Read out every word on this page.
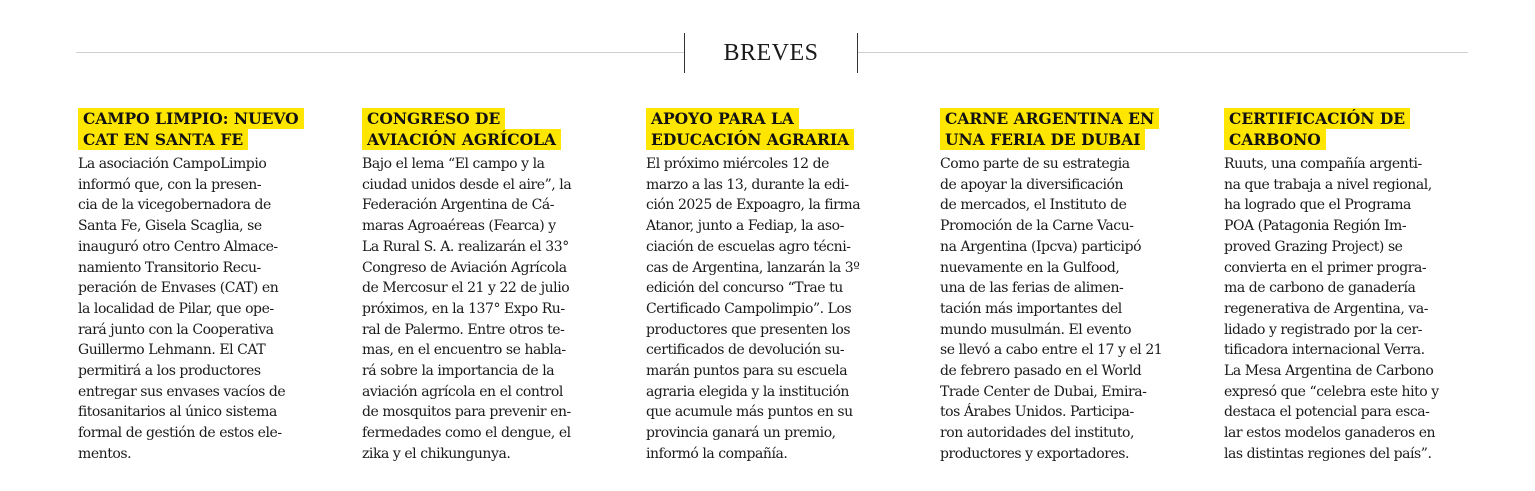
BREVES
CAMPO LIMPIO: NUEVO CAT EN SANTA FE
La asociación CampoLimpio
informó que, con la presen-
cia de la vicegobernadora de
Santa Fe, Gisela Scaglia, se
inauguró otro Centro Almace-
namiento Transitorio Recu-
peración de Envases (CAT) en
la localidad de Pilar, que ope-
rará junto con la Cooperativa
Guillermo Lehmann. El CAT
permitirá a los productores
entregar sus envases vacíos de
fitosanitarios al único sistema
formal de gestión de estos ele-
mentos.
CONGRESO DE AVIACIÓN AGRÍCOLA
Bajo el lema “El campo y la
ciudad unidos desde el aire”, la
Federación Argentina de Cá-
maras Agroaéreas (Fearca) y
La Rural S. A. realizarán el 33°
Congreso de Aviación Agrícola
de Mercosur el 21 y 22 de julio
próximos, en la 137° Expo Ru-
ral de Palermo. Entre otros te-
mas, en el encuentro se habla-
rá sobre la importancia de la
aviación agrícola en el control
de mosquitos para prevenir en-
fermedades como el dengue, el
zika y el chikungunya.
APOYO PARA LA EDUCACIÓN AGRARIA
El próximo miércoles 12 de
marzo a las 13, durante la edi-
ción 2025 de Expoagro, la firma
Atanor, junto a Fediap, la aso-
ciación de escuelas agro técni-
cas de Argentina, lanzarán la 3º
edición del concurso “Trae tu
Certificado Campolimpio”. Los
productores que presenten los
certificados de devolución su-
marán puntos para su escuela
agraria elegida y la institución
que acumule más puntos en su
provincia ganará un premio,
informó la compañía.
CARNE ARGENTINA EN UNA FERIA DE DUBAI
Como parte de su estrategia
de apoyar la diversificación
de mercados, el Instituto de
Promoción de la Carne Vacu-
na Argentina (Ipcva) participó
nuevamente en la Gulfood,
una de las ferias de alimen-
tación más importantes del
mundo musulmán. El evento
se llevó a cabo entre el 17 y el 21
de febrero pasado en el World
Trade Center de Dubai, Emira-
tos Árabes Unidos. Participa-
ron autoridades del instituto,
productores y exportadores.
CERTIFICACIÓN DE CARBONO
Ruuts, una compañía argenti-
na que trabaja a nivel regional,
ha logrado que el Programa
POA (Patagonia Región Im-
proved Grazing Project) se
convierta en el primer progra-
ma de carbono de ganadería
regenerativa de Argentina, va-
lidado y registrado por la cer-
tificadora internacional Verra.
La Mesa Argentina de Carbono
expresó que “celebra este hito y
destaca el potencial para esca-
lar estos modelos ganaderos en
las distintas regiones del país”.
